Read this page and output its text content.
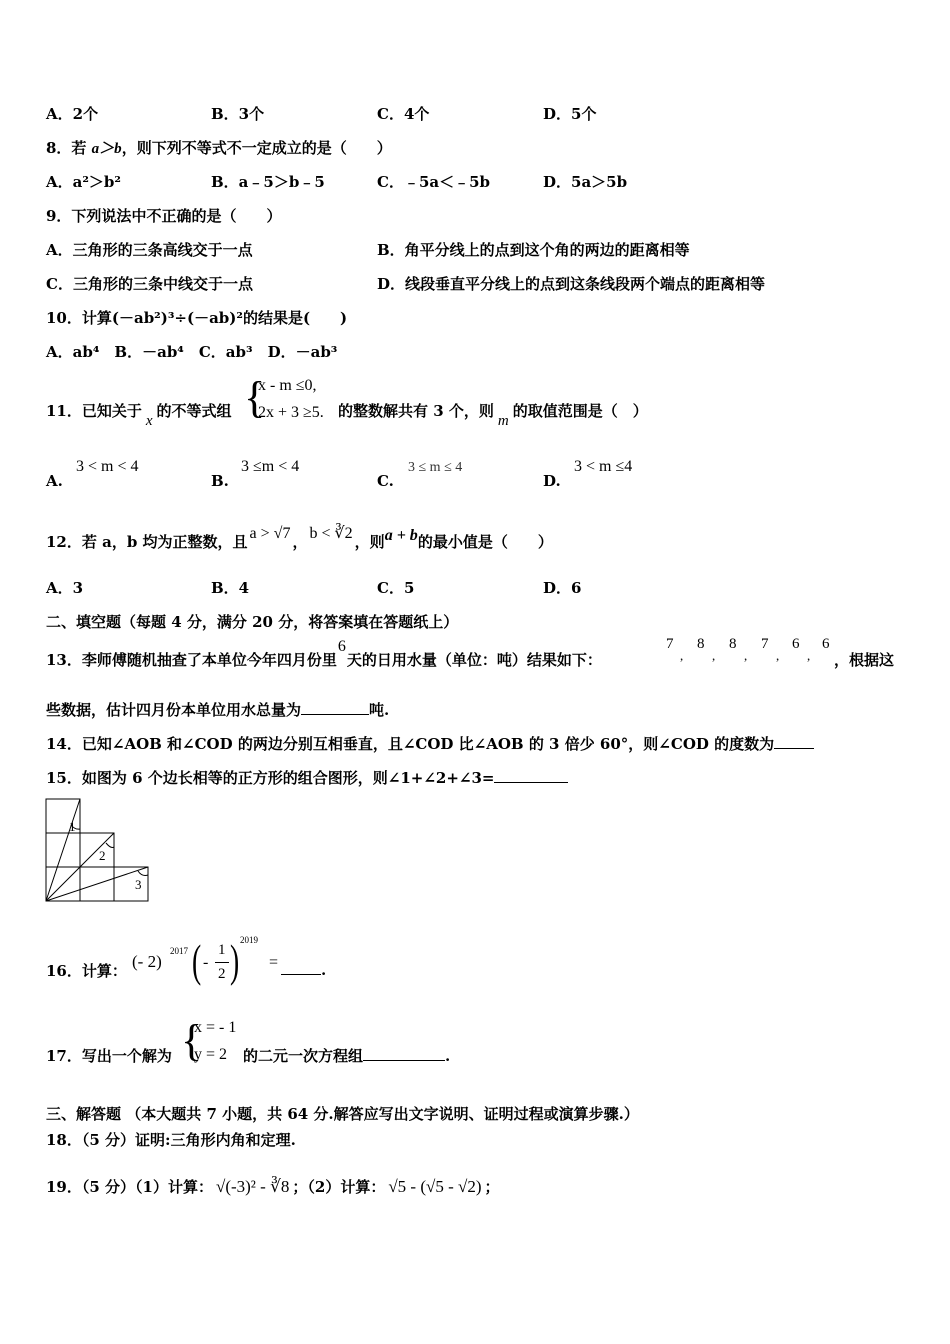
A．2个	B．3个	C．4个	D．5个
8．若 a＞b，则下列不等式不一定成立的是（　　）
A．a²＞b²	B．a﹣5＞b﹣5	C．﹣5a＜﹣5b	D．5a＞5b
9．下列说法中不正确的是（　　）
A．三角形的三条高线交于一点	B．角平分线上的点到这个角的两边的距离相等
C．三角形的三条中线交于一点	D．线段垂直平分线上的点到这条线段两个端点的距离相等
10．计算(－ab²)³÷(－ab)²的结果是(　　)
A．ab⁴　B．－ab⁴　C．ab³　D．－ab³
11．已知关于x的不等式组 {
x - m ≤0,
2x + 3 ≥5. 的整数解共有 3 个，则m的取值范围是（　）
A.
3 < m < 4
B.
3 ≤m < 4
C.
3 ≤ m ≤ 4
D.
3 < m ≤4
12．若 a，b 均为正整数，且 a > √7 ， b < ∛2 ，则a + b的最小值是（　　）
A．3	B．4	C．5	D．6
二、填空题（每题 4 分，满分 20 分，将答案填在答题纸上）
13．李师傅随机抽查了本单位今年四月份里6天的日用水量（单位：吨）结果如下：
7
,
8
,
8
,
7
,
6
,
6
，根据这
些数据，估计四月份本单位用水总量为	吨.
14．已知∠AOB 和∠COD 的两边分别互相垂直，且∠COD 比∠AOB 的 3 倍少 60°，则∠COD 的度数为
15．如图为 6 个边长相等的正方形的组合图形，则∠1+∠2+∠3=
1
2
3
16．计算： (- 2)
2017 ( -
1
2 ) 2019
=	.
17．写出一个解为 {
x = - 1
y = 2 的二元一次方程组	.
三、解答题 （本大题共 7 小题，共 64 分.解答应写出文字说明、证明过程或演算步骤.）
18．（5 分）证明:三角形内角和定理.
19．（5 分）（1）计算： √(-3)² - ∛8 ；（2）计算： √5 - (√5 - √2) ；
